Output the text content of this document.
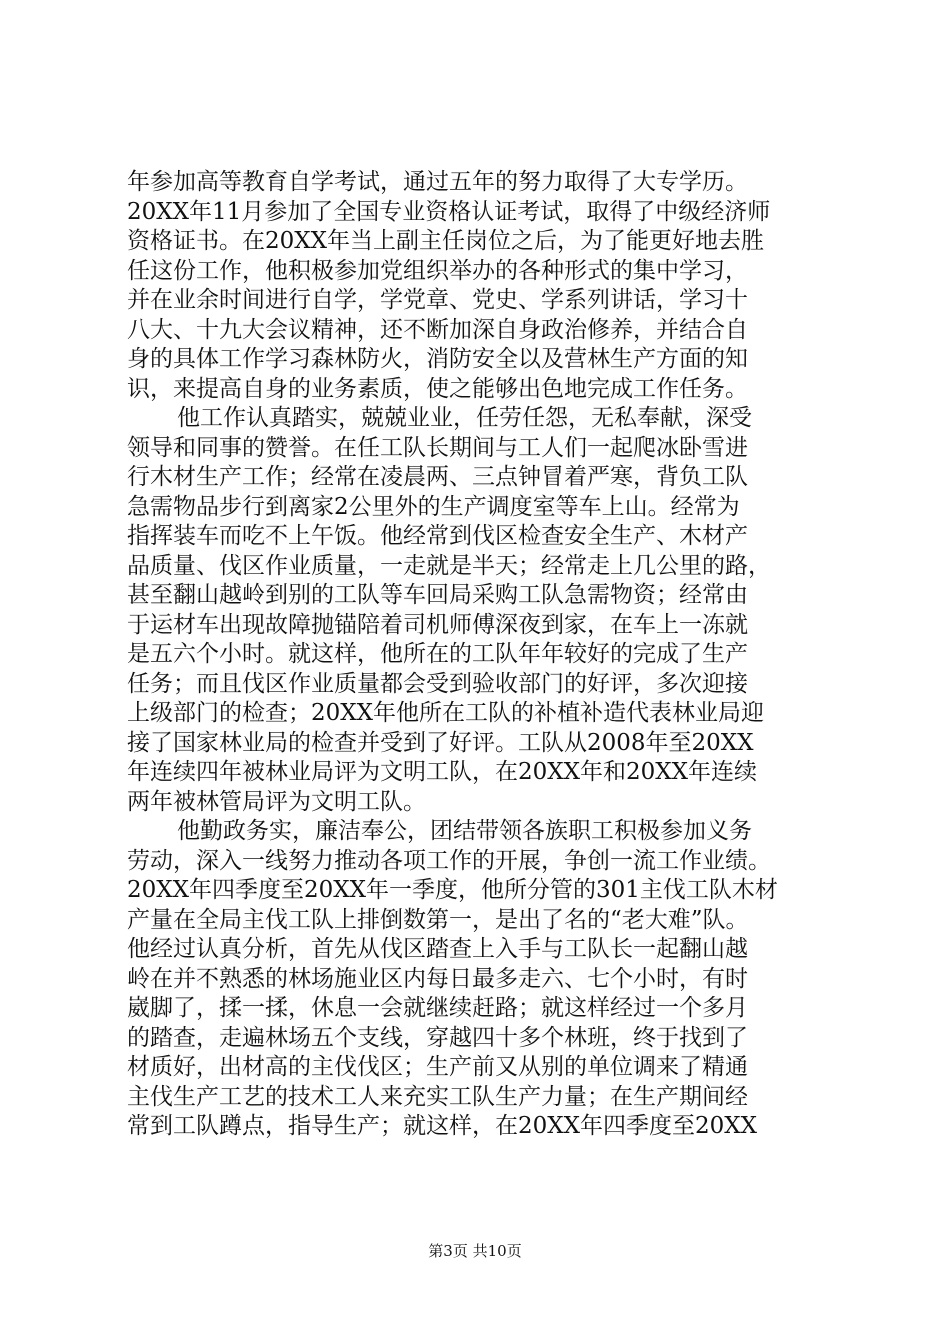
年参加高等教育自学考试，通过五年的努力取得了大专学历。
20XX年11月参加了全国专业资格认证考试，取得了中级经济师
资格证书。在20XX年当上副主任岗位之后，为了能更好地去胜
任这份工作，他积极参加党组织举办的各种形式的集中学习，
并在业余时间进行自学，学党章、党史、学系列讲话，学习十
八大、十九大会议精神，还不断加深自身政治修养，并结合自
身的具体工作学习森林防火，消防安全以及营林生产方面的知
识，来提高自身的业务素质，使之能够出色地完成工作任务。
他工作认真踏实，兢兢业业，任劳任怨，无私奉献，深受
领导和同事的赞誉。在任工队长期间与工人们一起爬冰卧雪进
行木材生产工作；经常在凌晨两、三点钟冒着严寒，背负工队
急需物品步行到离家2公里外的生产调度室等车上山。经常为
指挥装车而吃不上午饭。他经常到伐区检查安全生产、木材产
品质量、伐区作业质量，一走就是半天；经常走上几公里的路，
甚至翻山越岭到别的工队等车回局采购工队急需物资；经常由
于运材车出现故障抛锚陪着司机师傅深夜到家，在车上一冻就
是五六个小时。就这样，他所在的工队年年较好的完成了生产
任务；而且伐区作业质量都会受到验收部门的好评，多次迎接
上级部门的检查；20XX年他所在工队的补植补造代表林业局迎
接了国家林业局的检查并受到了好评。工队从2008年至20XX
年连续四年被林业局评为文明工队，在20XX年和20XX年连续
两年被林管局评为文明工队。
他勤政务实，廉洁奉公，团结带领各族职工积极参加义务
劳动，深入一线努力推动各项工作的开展，争创一流工作业绩。
20XX年四季度至20XX年一季度，他所分管的301主伐工队木材
产量在全局主伐工队上排倒数第一，是出了名的“老大难”队。
他经过认真分析，首先从伐区踏查上入手与工队长一起翻山越
岭在并不熟悉的林场施业区内每日最多走六、七个小时，有时
崴脚了，揉一揉，休息一会就继续赶路；就这样经过一个多月
的踏查，走遍林场五个支线，穿越四十多个林班，终于找到了
材质好，出材高的主伐伐区；生产前又从别的单位调来了精通
主伐生产工艺的技术工人来充实工队生产力量；在生产期间经
常到工队蹲点，指导生产；就这样，在20XX年四季度至20XX
第3页 共10页
